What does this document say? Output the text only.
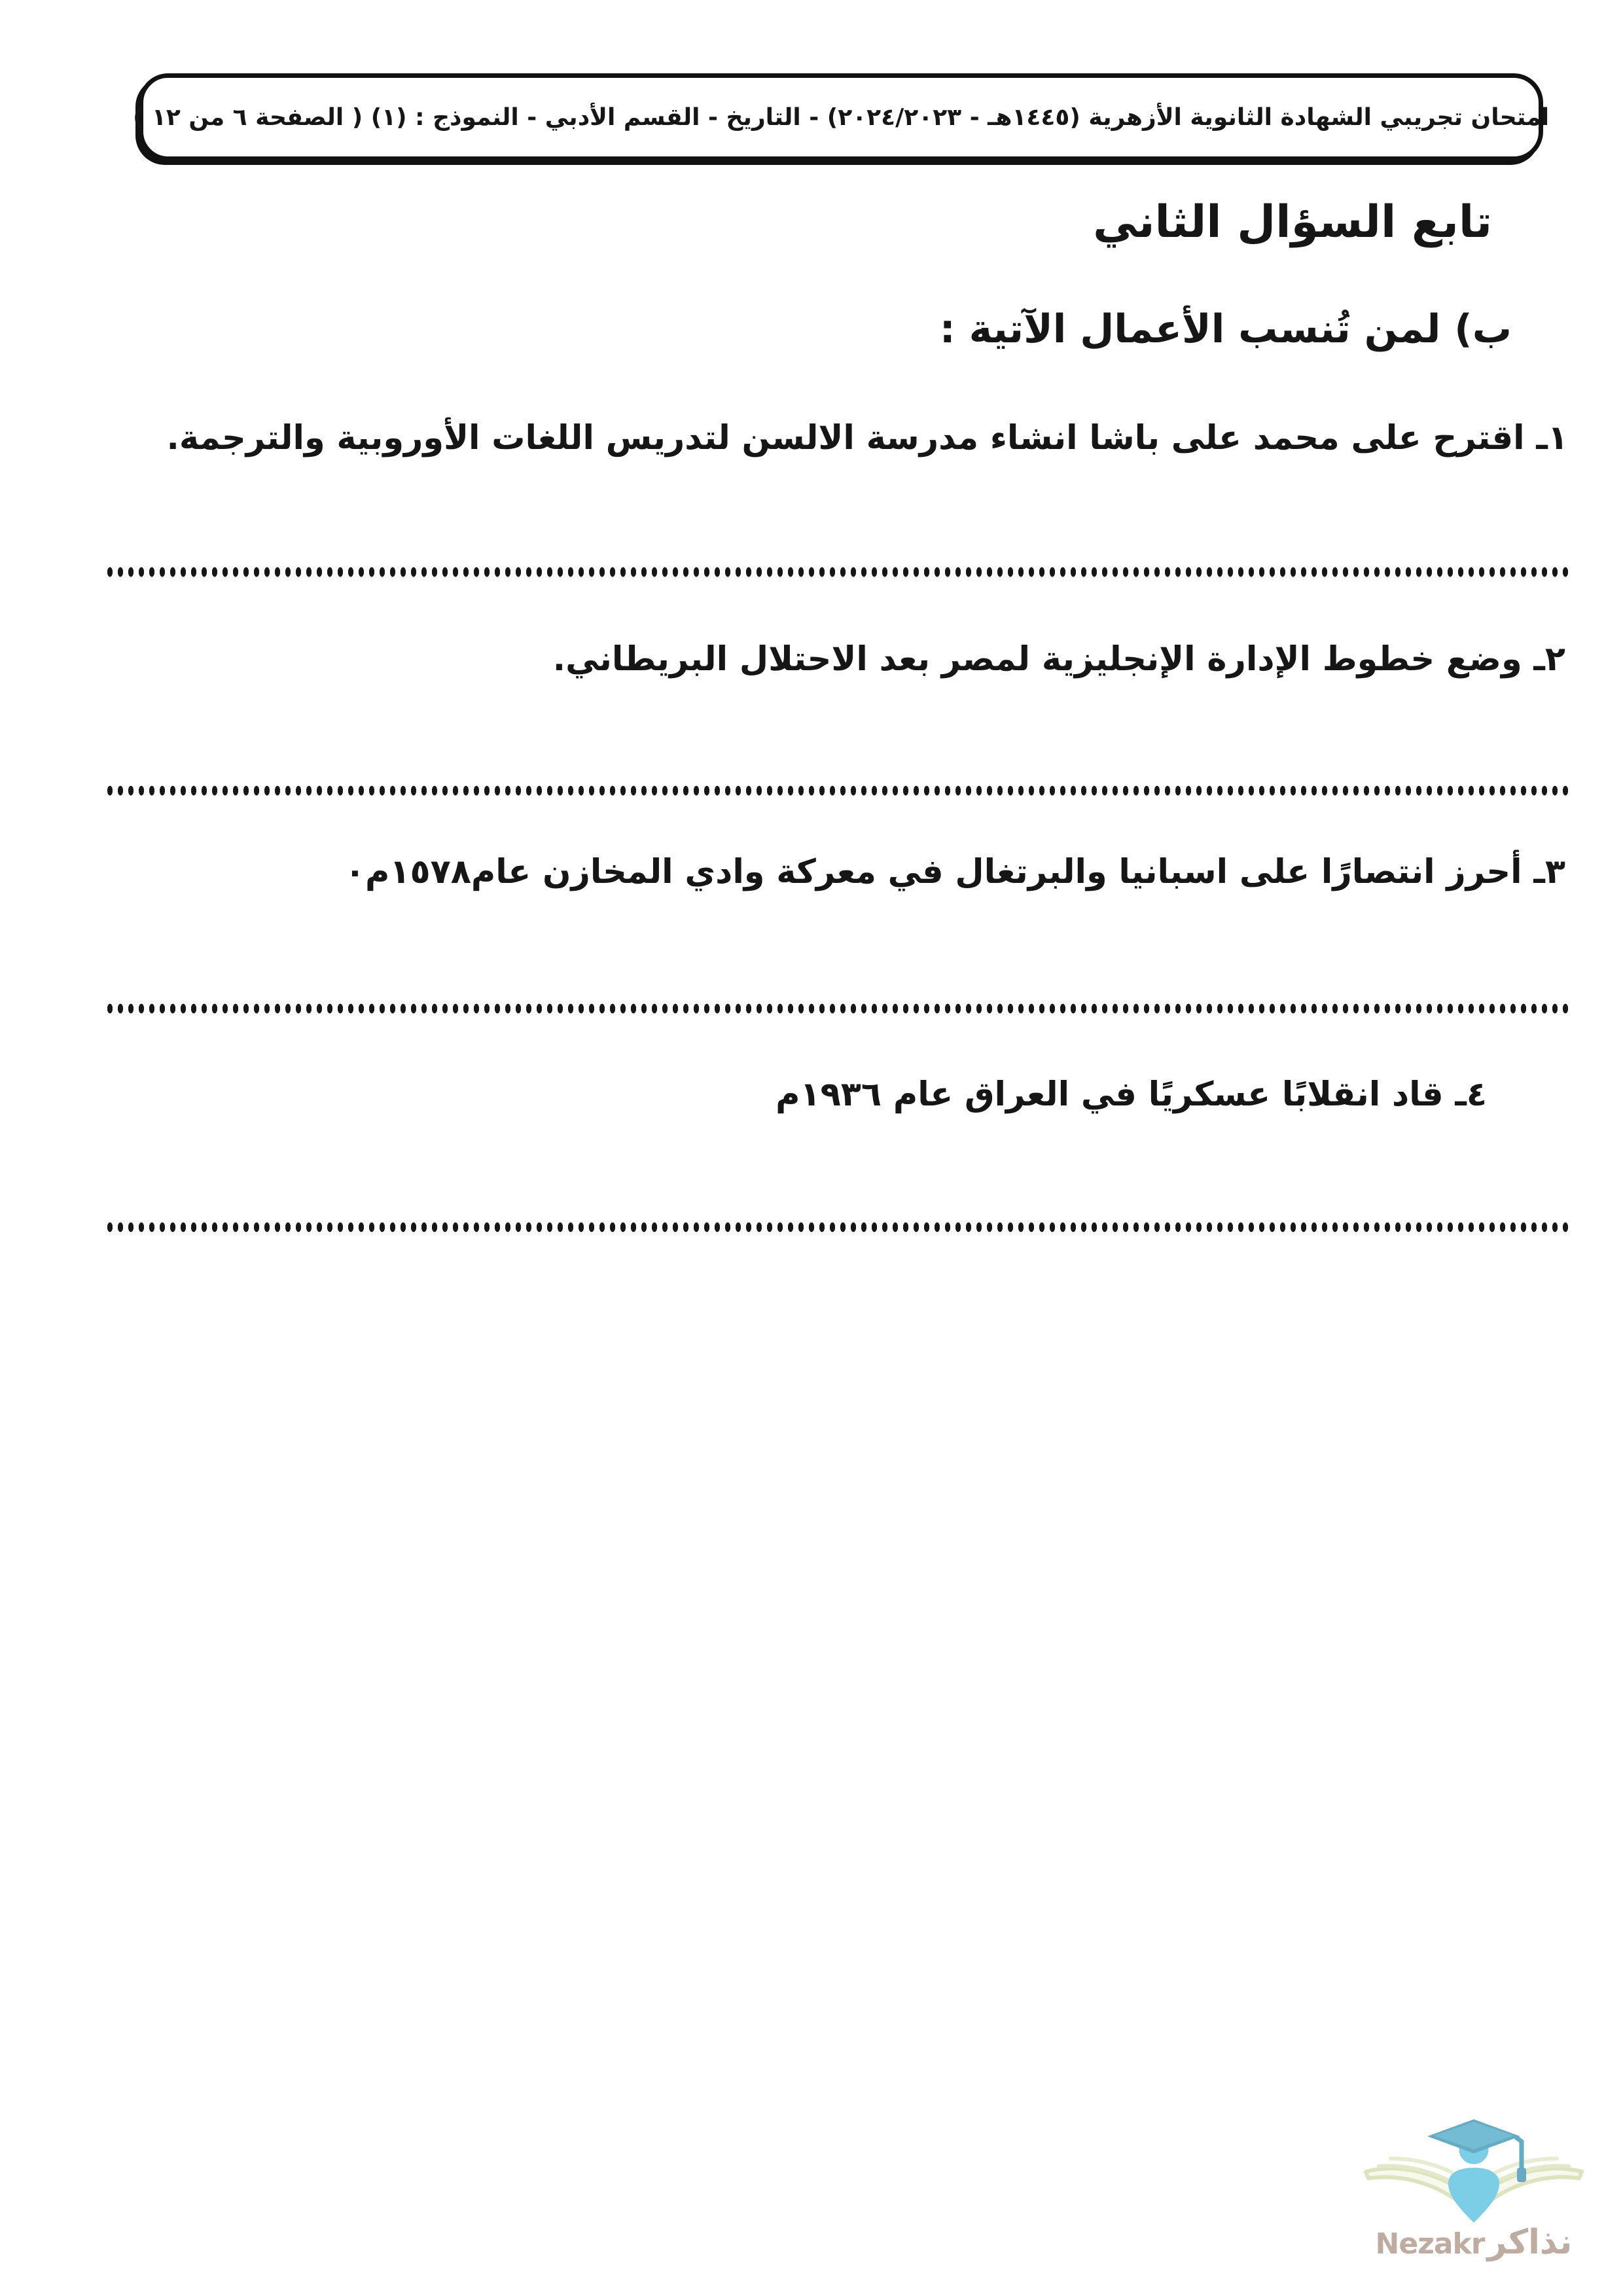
امتحان تجريبي الشهادة الثانوية الأزهرية (١٤٤٥هـ - ٢٠٢٤/٢٠٢٣) - التاريخ - القسم الأدبي - النموذج : (١) ( الصفحة ٦ من ١٢ )
تابع السؤال الثاني
ب) لمن تُنسب الأعمال الآتية :
١ـ اقترح على محمد على باشا انشاء مدرسة الالسن لتدريس اللغات الأوروبية والترجمة.
٢ـ وضع خطوط الإدارة الإنجليزية لمصر بعد الاحتلال البريطاني.
٣ـ أحرز انتصارًا على اسبانيا والبرتغال في معركة وادي المخازن عام١٥٧٨م٠
٤ـ قاد انقلابًا عسكريًا في العراق عام ١٩٣٦م
نذاكر
Nezakr
